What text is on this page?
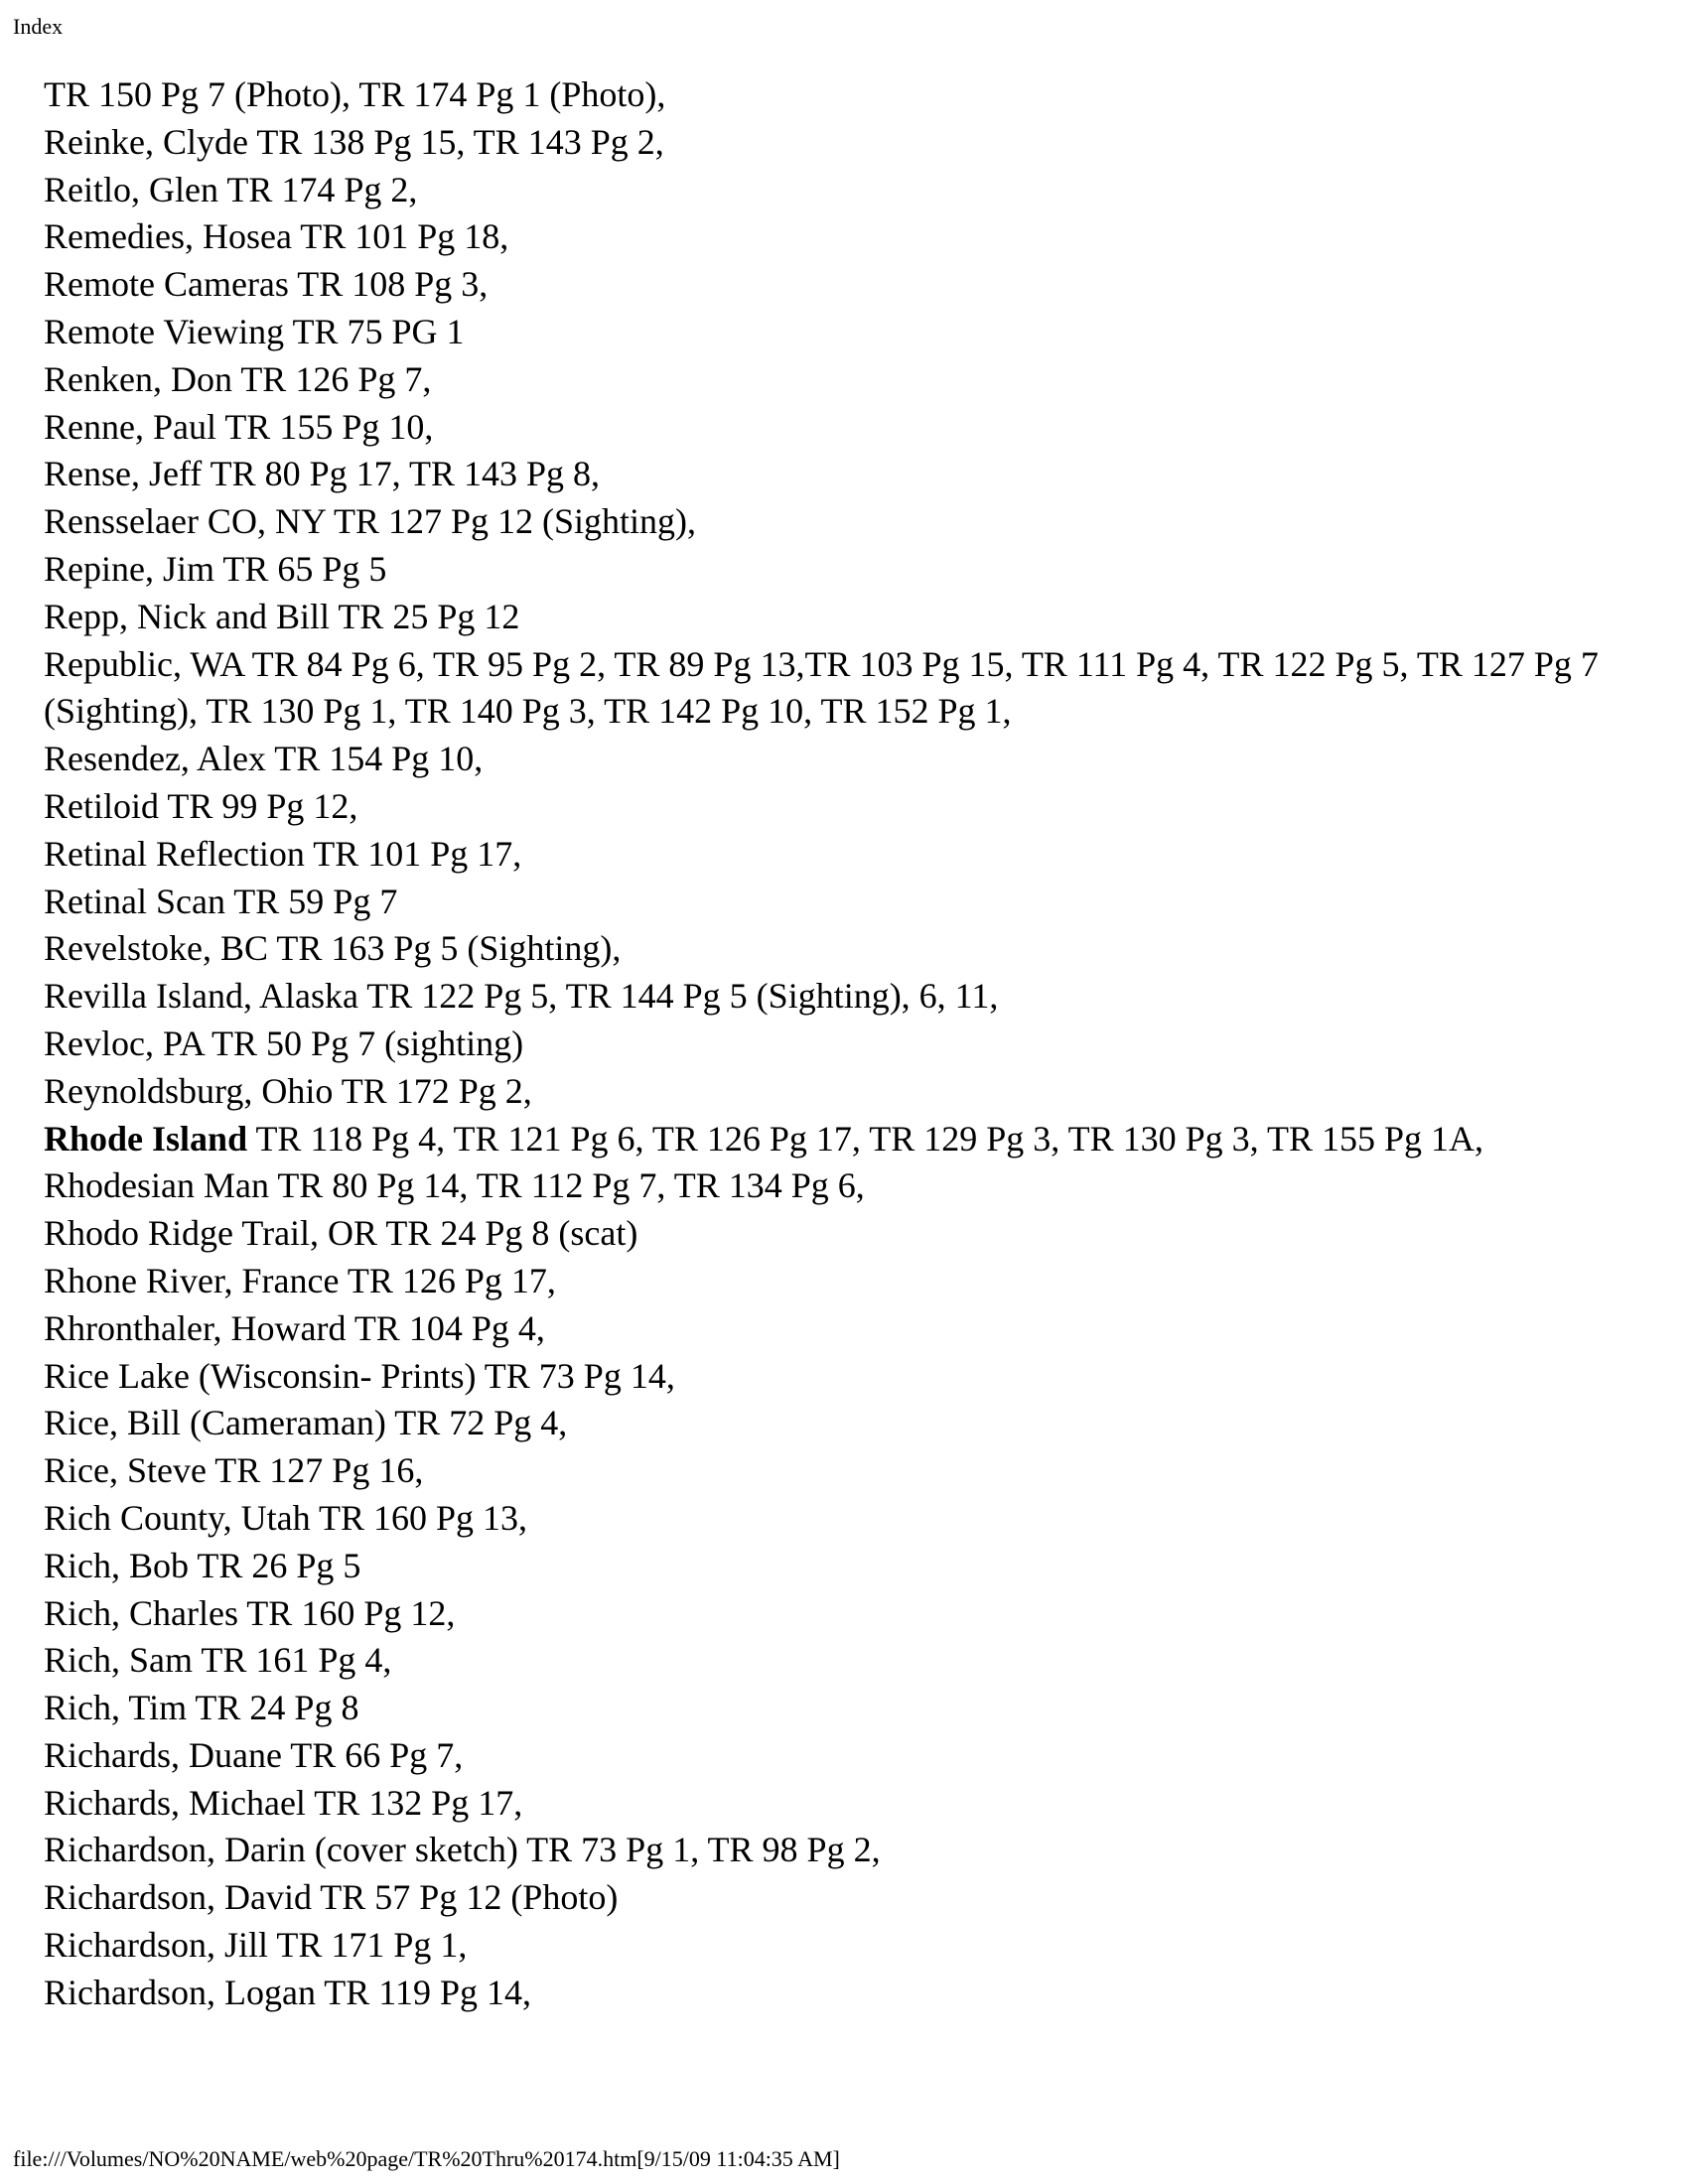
Index
TR 150 Pg 7 (Photo), TR 174 Pg 1 (Photo),
Reinke, Clyde TR 138 Pg 15, TR 143 Pg 2,
Reitlo, Glen TR 174 Pg 2,
Remedies, Hosea TR 101 Pg 18,
Remote Cameras TR 108 Pg 3,
Remote Viewing TR 75 PG 1
Renken, Don TR 126 Pg 7,
Renne, Paul TR 155 Pg 10,
Rense, Jeff TR 80 Pg 17, TR 143 Pg 8,
Rensselaer CO, NY TR 127 Pg 12 (Sighting),
Repine, Jim TR 65 Pg 5
Repp, Nick and Bill TR 25 Pg 12
Republic, WA TR 84 Pg 6, TR 95 Pg 2, TR 89 Pg 13,TR 103 Pg 15, TR 111 Pg 4, TR 122 Pg 5, TR 127 Pg 7 (Sighting), TR 130 Pg 1, TR 140 Pg 3, TR 142 Pg 10, TR 152 Pg 1,
Resendez, Alex TR 154 Pg 10,
Retiloid TR 99 Pg 12,
Retinal Reflection TR 101 Pg 17,
Retinal Scan TR 59 Pg 7
Revelstoke, BC TR 163 Pg 5 (Sighting),
Revilla Island, Alaska TR 122 Pg 5, TR 144 Pg 5 (Sighting), 6, 11,
Revloc, PA TR 50 Pg 7 (sighting)
Reynoldsburg, Ohio TR 172 Pg 2,
Rhode Island TR 118 Pg 4, TR 121 Pg 6, TR 126 Pg 17, TR 129 Pg 3, TR 130 Pg 3, TR 155 Pg 1A,
Rhodesian Man TR 80 Pg 14, TR 112 Pg 7, TR 134 Pg 6,
Rhodo Ridge Trail, OR TR 24 Pg 8 (scat)
Rhone River, France TR 126 Pg 17,
Rhronthaler, Howard TR 104 Pg 4,
Rice Lake (Wisconsin- Prints) TR 73 Pg 14,
Rice, Bill (Cameraman) TR 72 Pg 4,
Rice, Steve TR 127 Pg 16,
Rich County, Utah TR 160 Pg 13,
Rich, Bob TR 26 Pg 5
Rich, Charles TR 160 Pg 12,
Rich, Sam TR 161 Pg 4,
Rich, Tim TR 24 Pg 8
Richards, Duane TR 66 Pg 7,
Richards, Michael TR 132 Pg 17,
Richardson, Darin (cover sketch) TR 73 Pg 1, TR 98 Pg 2,
Richardson, David TR 57 Pg 12 (Photo)
Richardson, Jill TR 171 Pg 1,
Richardson, Logan TR 119 Pg 14,
file:///Volumes/NO%20NAME/web%20page/TR%20Thru%20174.htm[9/15/09 11:04:35 AM]
